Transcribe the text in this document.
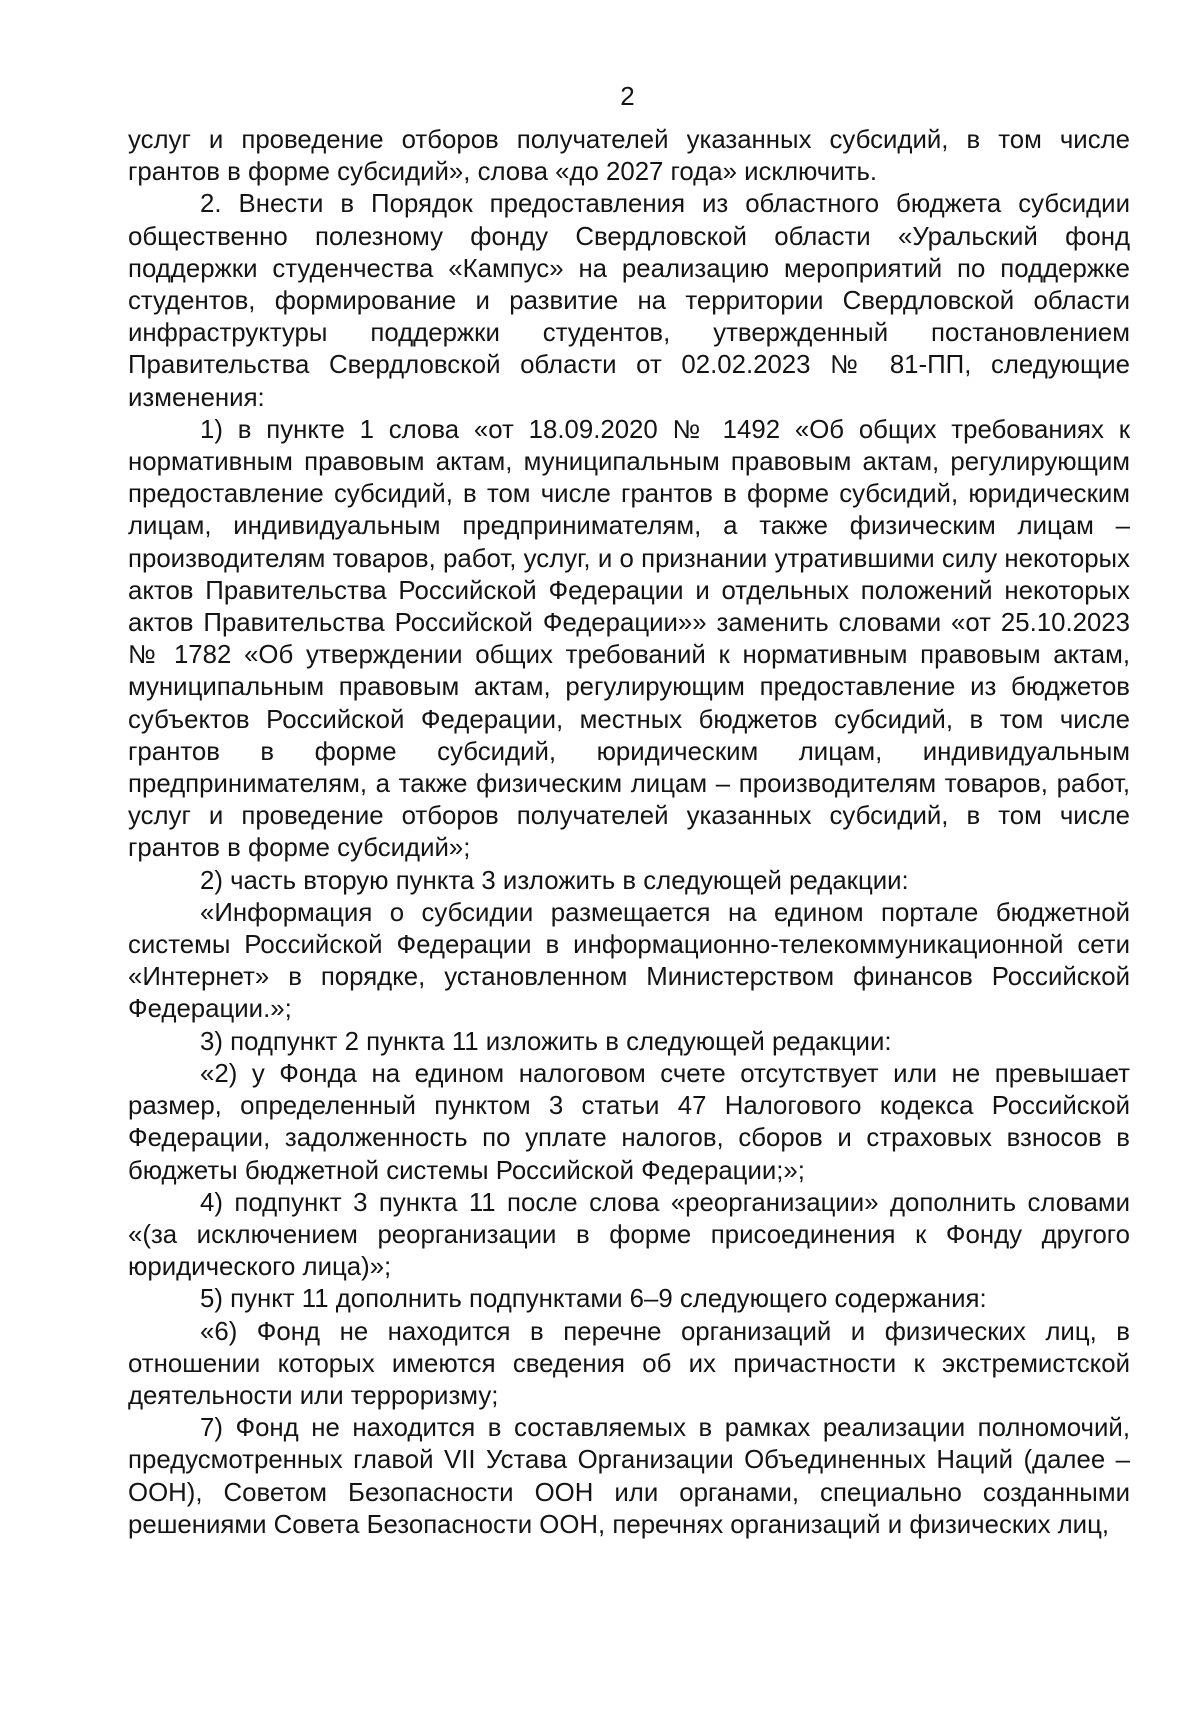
2

услуг и проведение отборов получателей указанных субсидий, в том числе грантов в форме субсидий», слова «до 2027 года» исключить.

2. Внести в Порядок предоставления из областного бюджета субсидии общественно полезному фонду Свердловской области «Уральский фонд поддержки студенчества «Кампус» на реализацию мероприятий по поддержке студентов, формирование и развитие на территории Свердловской области инфраструктуры поддержки студентов, утвержденный постановлением Правительства Свердловской области от 02.02.2023 № 81-ПП, следующие изменения:

1) в пункте 1 слова «от 18.09.2020 № 1492 «Об общих требованиях к нормативным правовым актам, муниципальным правовым актам, регулирующим предоставление субсидий, в том числе грантов в форме субсидий, юридическим лицам, индивидуальным предпринимателям, а также физическим лицам – производителям товаров, работ, услуг, и о признании утратившими силу некоторых актов Правительства Российской Федерации и отдельных положений некоторых актов Правительства Российской Федерации»» заменить словами «от 25.10.2023 № 1782 «Об утверждении общих требований к нормативным правовым актам, муниципальным правовым актам, регулирующим предоставление из бюджетов субъектов Российской Федерации, местных бюджетов субсидий, в том числе грантов в форме субсидий, юридическим лицам, индивидуальным предпринимателям, а также физическим лицам – производителям товаров, работ, услуг и проведение отборов получателей указанных субсидий, в том числе грантов в форме субсидий»;

2) часть вторую пункта 3 изложить в следующей редакции:

«Информация о субсидии размещается на едином портале бюджетной системы Российской Федерации в информационно-телекоммуникационной сети «Интернет» в порядке, установленном Министерством финансов Российской Федерации.»;

3) подпункт 2 пункта 11 изложить в следующей редакции:

«2) у Фонда на едином налоговом счете отсутствует или не превышает размер, определенный пунктом 3 статьи 47 Налогового кодекса Российской Федерации, задолженность по уплате налогов, сборов и страховых взносов в бюджеты бюджетной системы Российской Федерации;»;

4) подпункт 3 пункта 11 после слова «реорганизации» дополнить словами «(за исключением реорганизации в форме присоединения к Фонду другого юридического лица)»;

5) пункт 11 дополнить подпунктами 6–9 следующего содержания:

«6) Фонд не находится в перечне организаций и физических лиц, в отношении которых имеются сведения об их причастности к экстремистской деятельности или терроризму;

7) Фонд не находится в составляемых в рамках реализации полномочий, предусмотренных главой VII Устава Организации Объединенных Наций (далее – ООН), Советом Безопасности ООН или органами, специально созданными решениями Совета Безопасности ООН, перечнях организаций и физических лиц,
